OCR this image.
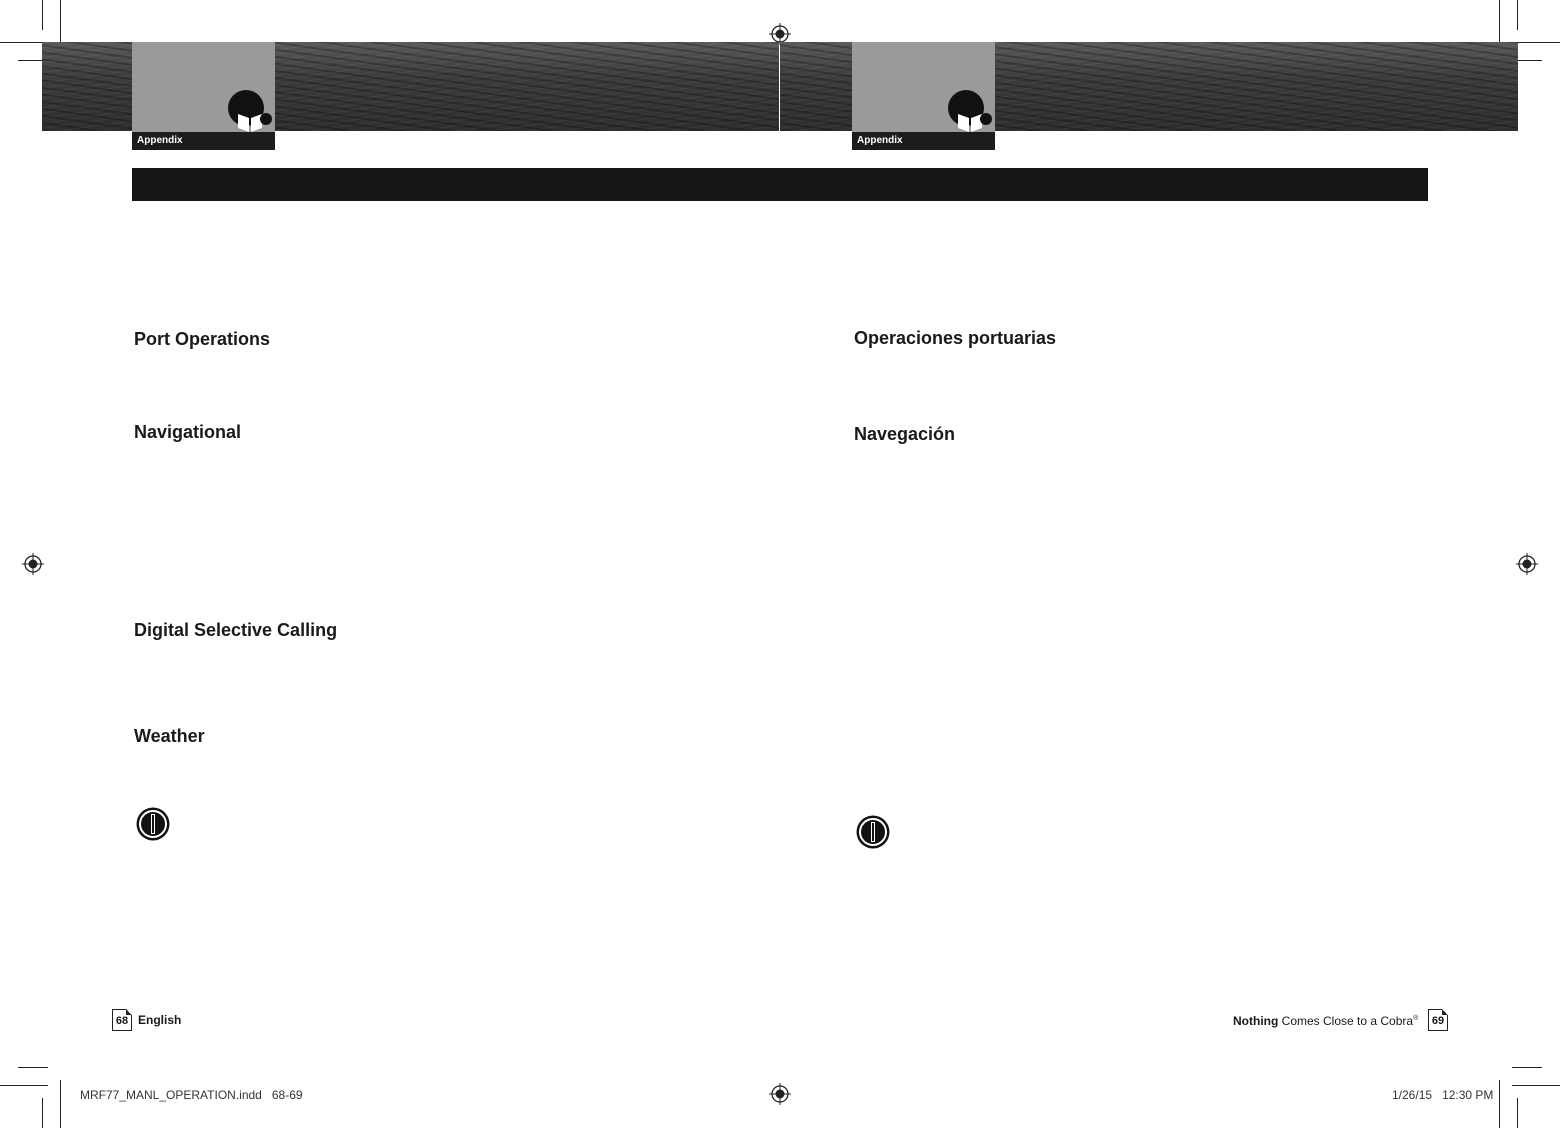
Appendix	Appendix
Port Operations
Navigational
Digital Selective Calling
Weather
Operaciones portuarias
Navegación
68 English	Nothing Comes Close to a Cobra®	69
MRF77_MANL_OPERATION.indd 68-69	1/26/15 12:30 PM
